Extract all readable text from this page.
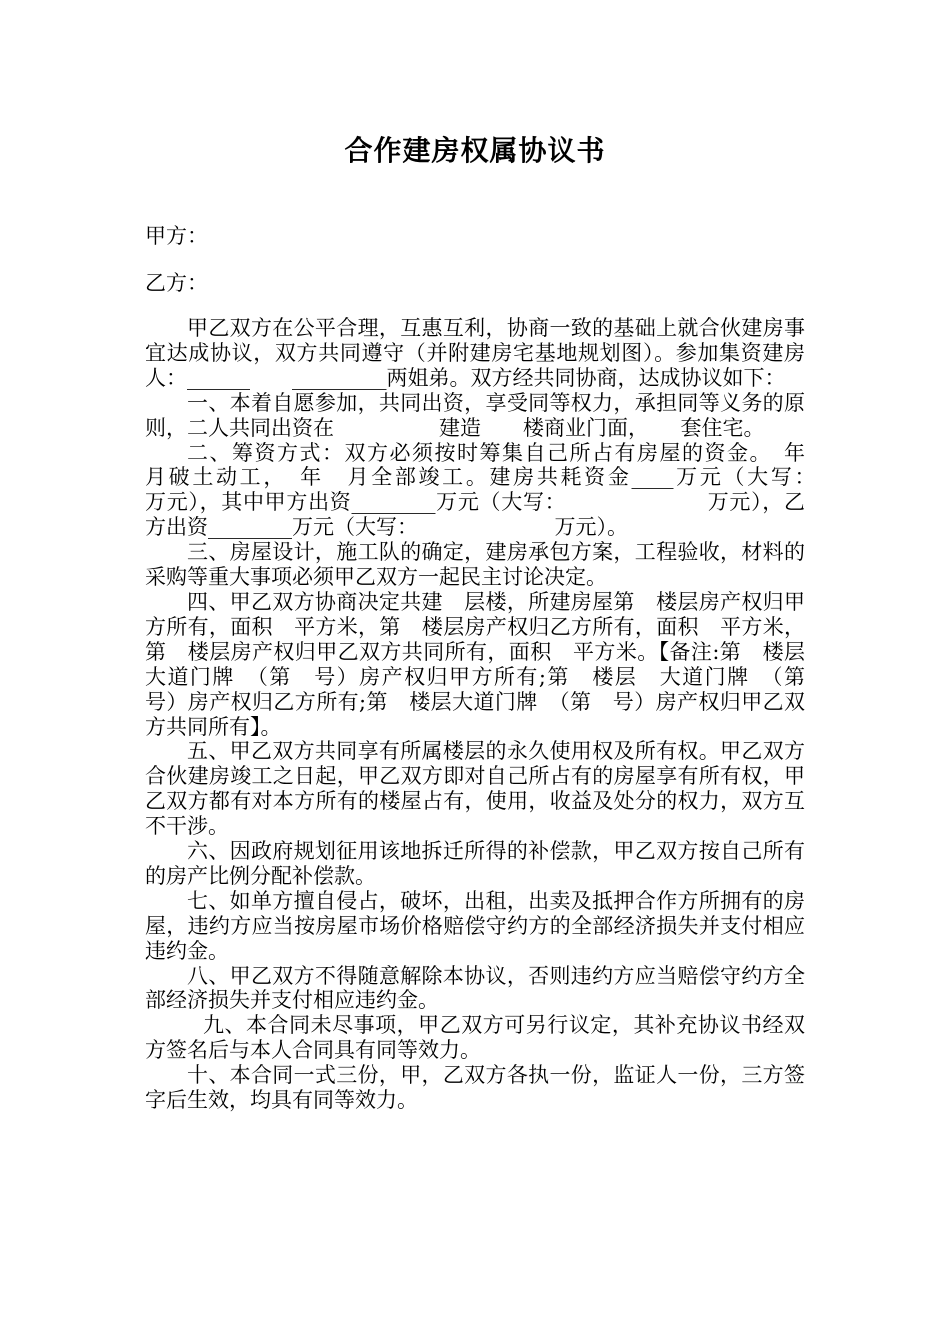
合作建房权属协议书
甲方：
乙方：

甲乙双方在公平合理，互惠互利，协商一致的基础上就合伙建房事宜达成协议，双方共同遵守（并附建房宅基地规划图）。参加集资建房人：______　　_________两姐弟。双方经共同协商，达成协议如下：

一、本着自愿参加，共同出资，享受同等权力，承担同等义务的原则，二人共同出资在　　　　　建造　　楼商业门面，　　套住宅。

二、筹资方式：双方必须按时筹集自己所占有房屋的资金。　年　月破土动工，　年　月全部竣工。建房共耗资金____万元（大写：　　　万元），其中甲方出资________万元（大写：　　　　　　　万元），乙方出资________万元（大写：　　　　　　　万元）。

三、房屋设计，施工队的确定，建房承包方案，工程验收，材料的采购等重大事项必须甲乙双方一起民主讨论决定。

四、甲乙双方协商决定共建　层楼，所建房屋第　楼层房产权归甲方所有，面积　平方米，第　楼层房产权归乙方所有，面积　平方米，第　楼层房产权归甲乙双方共同所有，面积　平方米。【备注:第　楼层　大道门牌　（第　号）房产权归甲方所有;第　楼层　大道门牌　（第　号）房产权归乙方所有;第　楼层大道门牌　（第　号）房产权归甲乙双方共同所有】。

五、甲乙双方共同享有所属楼层的永久使用权及所有权。甲乙双方合伙建房竣工之日起，甲乙双方即对自己所占有的房屋享有所有权，甲乙双方都有对本方所有的楼屋占有，使用，收益及处分的权力，双方互不干涉。

六、因政府规划征用该地拆迁所得的补偿款，甲乙双方按自己所有的房产比例分配补偿款。

七、如单方擅自侵占，破坏，出租，出卖及抵押合作方所拥有的房屋，违约方应当按房屋市场价格赔偿守约方的全部经济损失并支付相应违约金。

八、甲乙双方不得随意解除本协议，否则违约方应当赔偿守约方全部经济损失并支付相应违约金。

九、本合同未尽事项，甲乙双方可另行议定，其补充协议书经双方签名后与本人合同具有同等效力。

十、本合同一式三份，甲，乙双方各执一份，监证人一份，三方签字后生效，均具有同等效力。
